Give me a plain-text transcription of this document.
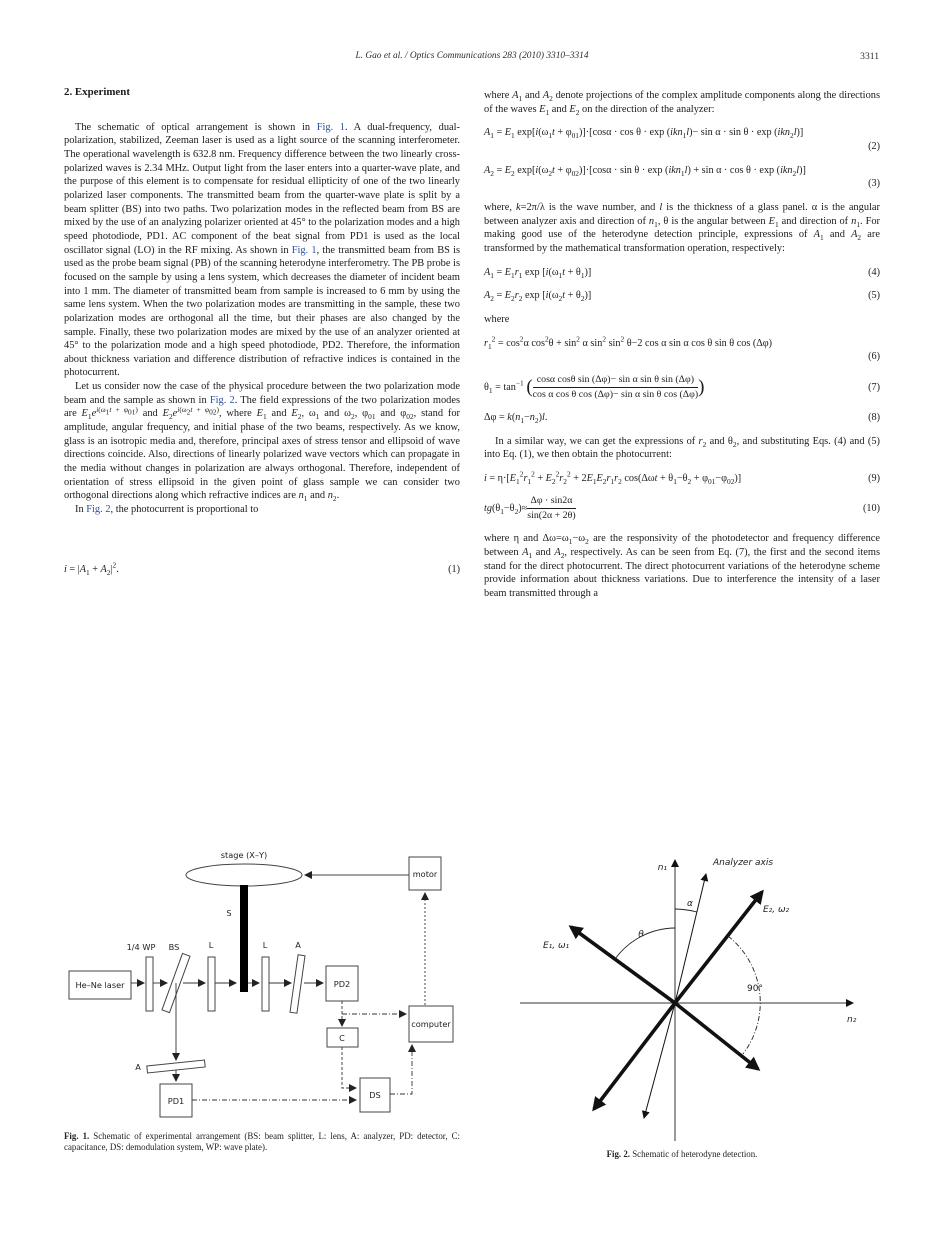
L. Gao et al. / Optics Communications 283 (2010) 3310–3314	3311
2. Experiment

The schematic of optical arrangement is shown in Fig. 1. A dual-frequency, dual-polarization, stabilized, Zeeman laser is used as a light source of the scanning interferometer. The operational wavelength is 632.8 nm. Frequency difference between the two linearly cross-polarized waves is 2.34 MHz. Output light from the laser enters into a quarter-wave plate, and the purpose of this element is to compensate for residual ellipticity of one of the two linearly polarized laser components. The transmitted beam from the quarter-wave plate is split by a beam splitter (BS) into two paths. Two polarization modes in the reflected beam from BS are mixed by the use of an analyzing polarizer oriented at 45° to the polarization modes and a high speed photodiode, PD1. AC component of the beat signal from PD1 is used as the local oscillator signal (LO) in the RF mixing. As shown in Fig. 1, the transmitted beam from BS is used as the probe beam signal (PB) of the scanning heterodyne interferometry. The PB probe is focused on the sample by using a lens system, which decreases the diameter of incident beam into 1 mm. The diameter of transmitted beam from sample is increased to 6 mm by using the same lens system. When the two polarization modes are transmitting in the sample, these two polarization modes are orthogonal all the time, but their phases are also changed by the sample. Finally, these two polarization modes are mixed by the use of an analyzer oriented at 45° to the polarization mode and a high speed photodiode, PD2. Therefore, the information about thickness variation and difference distribution of refractive indices is contained in the photocurrent.

Let us consider now the case of the physical procedure between the two polarization mode beam and the sample as shown in Fig. 2. The field expressions of the two polarization modes are $E_1e^{i(\omega_1t + \varphi_{01})}$ and $E_2e^{i(\omega_2t + \varphi_{02})}$, where $E_1$ and $E_2$, $\omega_1$ and $\omega_2$, $\varphi_{01}$ and $\varphi_{02}$, stand for amplitude, angular frequency, and initial phase of the two beams, respectively. As we know, glass is an isotropic media and, therefore, principal axes of stress tensor and ellipsoid of wave directions coincide. Also, directions of linearly polarized wave vectors which can propagate in the media without changes in polarization are always orthogonal. Therefore, independent of orientation of stress ellipsoid in the given point of glass sample we can consider two orthogonal directions along which refractive indices are $n_1$ and $n_2$.

In Fig. 2, the photocurrent is proportional to

$i = |A_1 + A_2|^2$.	(1)

where $A_1$ and $A_2$ denote projections of the complex amplitude components along the directions of the waves $E_1$ and $E_2$ on the direction of the analyzer:

$A_1 = E_1$ $\exp[i(\omega_1t + \varphi_{01})]\cdot[\cos\alpha \cdot \cos \theta \cdot \exp (ikn_1l)- \sin \alpha \cdot \sin \theta \cdot \exp (ikn_2l)]$
(2)
$A_2 = E_2$ $\exp[i(\omega_2t + \varphi_{02})]\cdot[\cos\alpha \cdot \sin \theta \cdot \exp (ikn_1l) + \sin \alpha \cdot \cos \theta \cdot \exp (ikn_2l)]$
(3)

where, k=2π/λ is the wave number, and l is the thickness of a glass panel. α is the angular between analyzer axis and direction of $n_1$, θ is the angular between $E_1$ and direction of $n_1$. For making good use of the heterodyne detection principle, expressions of $A_1$ and $A_2$ are transformed by the mathematical transformation operation, respectively:

$A_1 = E_1r_1$ $\exp [i(\omega_1t + \theta_1)]$	(4)
$A_2 = E_2r_2$ $\exp [i(\omega_2t + \theta_2)]$	(5)

where

$r_1^2 = \cos^2\alpha$ $\cos^2\theta + \sin^2 \alpha$ $\sin^2 \sin^2 \theta-2$ cos α sin α cos θ sin θ cos (Δφ)
(6)
$\theta_1 = \tan^{-1}$ ( $\frac{\text{cosα cosθ sin (Δφ)− sin α sin θ sin (Δφ)}}{\text{cos α cos θ cos (Δφ)− sin α sin θ cos (Δφ)}}$ )	(7)
$\Delta\varphi = k(n_1-n_2)l$.	(8)

In a similar way, we can get the expressions of $r_2$ and $\theta_2$, and substituting Eqs. (4) and (5) into Eq. (1), we then obtain the photocurrent:

$i = \eta\cdot[E_1^2r_1^2 + E_2^2r_2^2 + 2E_1E_2r_1r_2$ $\cos(\Delta\omega t + \theta_1-\theta_2 + \varphi_{01}-\varphi_{02})$]	(9)
$tg(\theta_1-\theta_2)\approx \frac{\Delta\varphi \cdot \sin 2\alpha}{\sin(2\alpha + 2\theta)}$	(10)

where η and $\Delta\omega=\omega_1-\omega_2$ are the responsivity of the photodetector and frequency difference between $A_1$ and $A_2$, respectively. As can be seen from Eq. (7), the first and the second items stand for the direct photocurrent. The direct photocurrent variations of the heterodyne scheme provide information about thickness variations. Due to interference the intensity of a laser beam transmitted through a

stage (X–Y)
motor
S
1/4 WP BS	L	L	A
He–Ne laser	PD2
C
computer
DS
PD1
A
Fig. 1. Schematic of experimental arrangement (BS: beam splitter, L: lens, A: analyzer, PD: detector, C: capacitance, DS: demodulation system, WP: wave plate).
n₁
n₂
Analyzer axis
α
θ
E₁, ω₁
E₂, ω₂
90°
Fig. 2. Schematic of heterodyne detection.
